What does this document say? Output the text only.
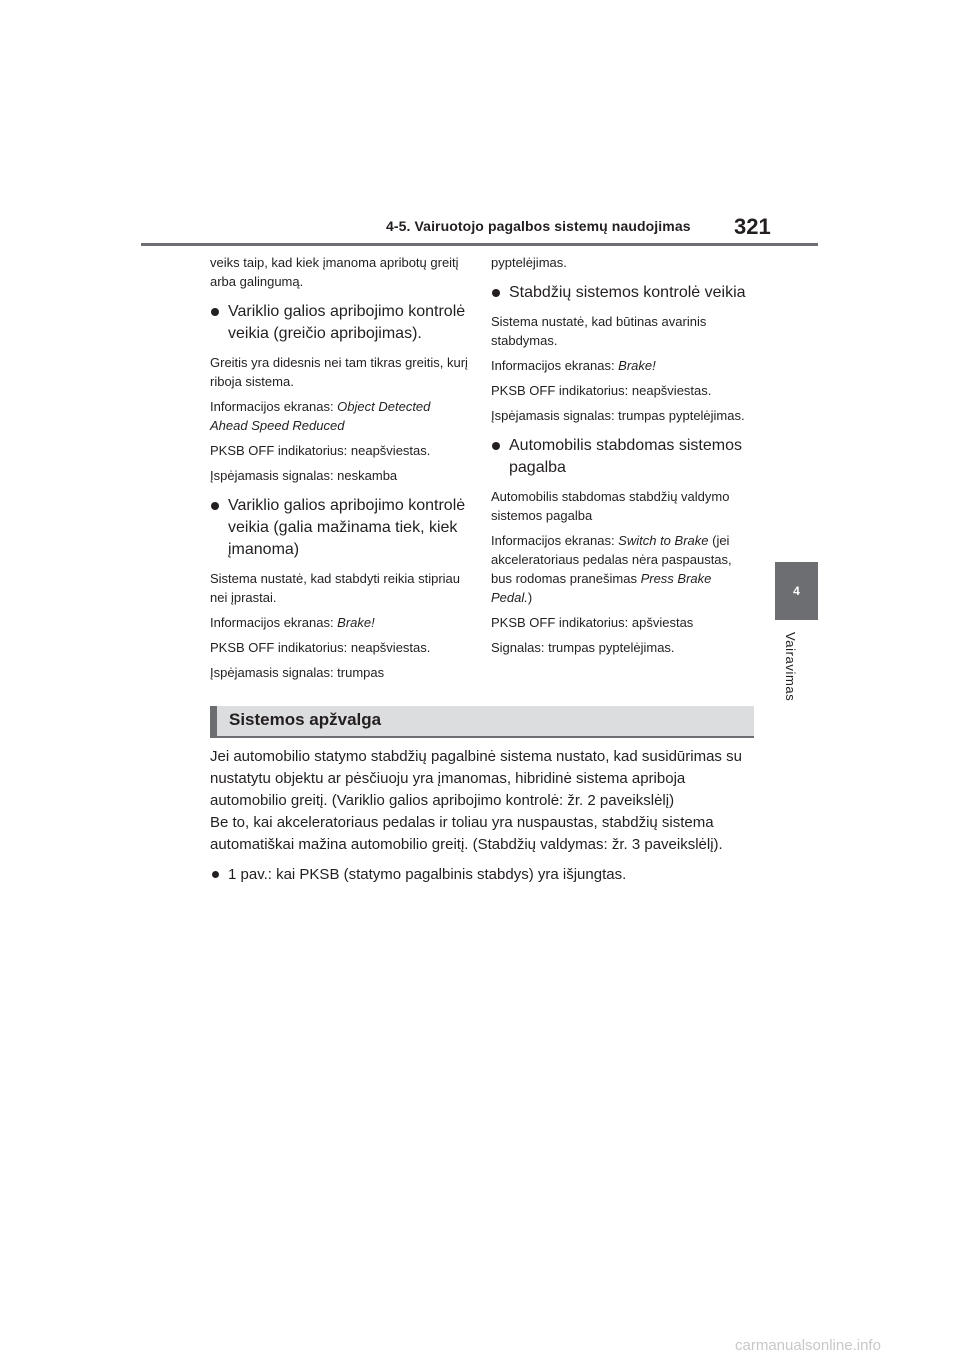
4-5. Vairuotojo pagalbos sistemų naudojimas 321
4
Vairavimas

veiks taip, kad kiek įmanoma apribotų greitį arba galingumą.

Variklio galios apribojimo kontrolė veikia (greičio apribojimas).

Greitis yra didesnis nei tam tikras greitis, kurį riboja sistema.

Informacijos ekranas: Object Detected Ahead Speed Reduced

PKSB OFF indikatorius: neapšviestas.

Įspėjamasis signalas: neskamba

Variklio galios apribojimo kontrolė veikia (galia mažinama tiek, kiek įmanoma)

Sistema nustatė, kad stabdyti reikia stipriau nei įprastai.

Informacijos ekranas: Brake!

PKSB OFF indikatorius: neapšviestas.

Įspėjamasis signalas: trumpas

pyptelėjimas.

Stabdžių sistemos kontrolė veikia

Sistema nustatė, kad būtinas avarinis stabdymas.

Informacijos ekranas: Brake!

PKSB OFF indikatorius: neapšviestas.

Įspėjamasis signalas: trumpas pyptelėjimas.

Automobilis stabdomas sistemos pagalba

Automobilis stabdomas stabdžių valdymo sistemos pagalba

Informacijos ekranas: Switch to Brake (jei akceleratoriaus pedalas nėra paspaustas, bus rodomas pranešimas Press Brake Pedal.)

PKSB OFF indikatorius: apšviestas

Signalas: trumpas pyptelėjimas.

Sistemos apžvalga

Jei automobilio statymo stabdžių pagalbinė sistema nustato, kad susidūrimas su nustatytu objektu ar pėsčiuoju yra įmanomas, hibridinė sistema apriboja automobilio greitį. (Variklio galios apribojimo kontrolė: žr. 2 paveikslėlį)

Be to, kai akceleratoriaus pedalas ir toliau yra nuspaustas, stabdžių sistema automatiškai mažina automobilio greitį. (Stabdžių valdymas: žr. 3 paveikslėlį).

1 pav.: kai PKSB (statymo pagalbinis stabdys) yra išjungtas.

carmanualsonline.info
